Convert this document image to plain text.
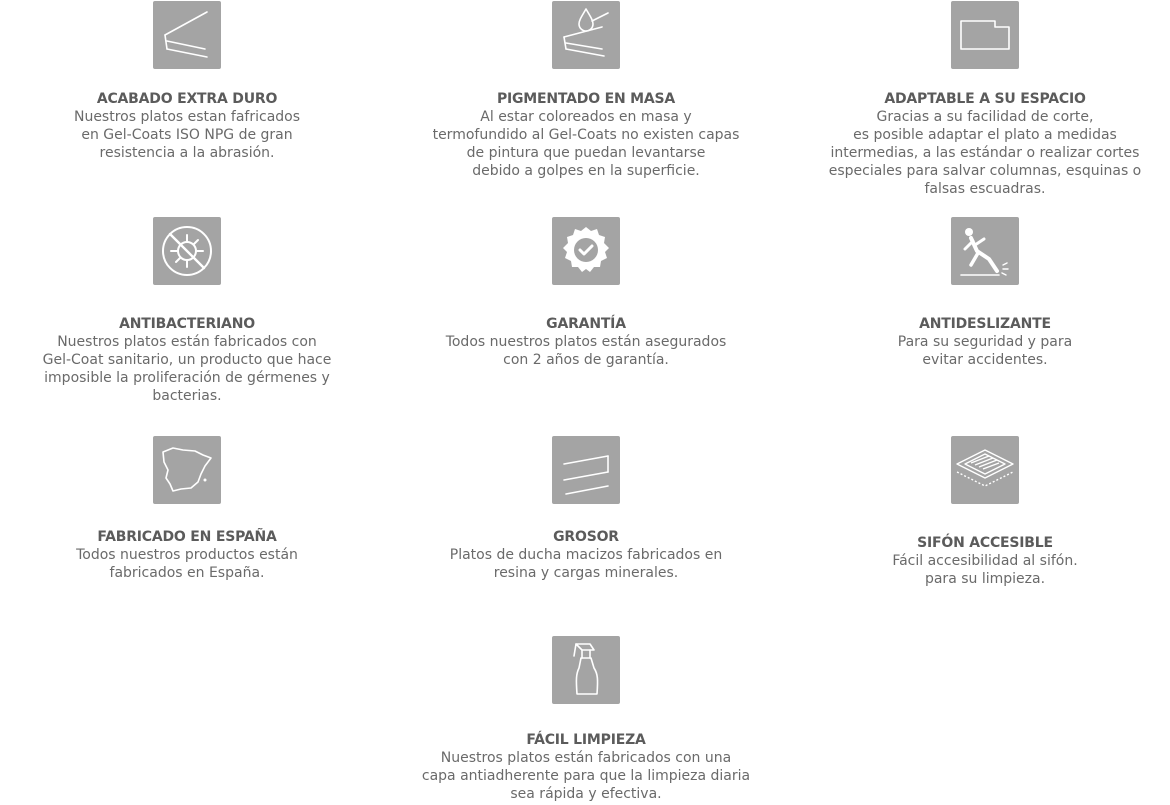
ACABADO EXTRA DURO

Nuestros platos estan fafricados
en Gel-Coats ISO NPG de gran
resistencia a la abrasión.

PIGMENTADO EN MASA

Al estar coloreados en masa y
termofundido al Gel-Coats no existen capas
de pintura que puedan levantarse
debido a golpes en la superficie.

ADAPTABLE A SU ESPACIO

Gracias a su facilidad de corte,
es posible adaptar el plato a medidas
intermedias, a las estándar o realizar cortes
especiales para salvar columnas, esquinas o
falsas escuadras.

ANTIBACTERIANO

Nuestros platos están fabricados con
Gel-Coat sanitario, un producto que hace
imposible la proliferación de gérmenes y
bacterias.

GARANTÍA

Todos nuestros platos están asegurados
con 2 años de garantía.

ANTIDESLIZANTE

Para su seguridad y para
evitar accidentes.

FABRICADO EN ESPAÑA

Todos nuestros productos están
fabricados en España.

GROSOR

Platos de ducha macizos fabricados en
resina y cargas minerales.

SIFÓN ACCESIBLE

Fácil accesibilidad al sifón.
para su limpieza.

FÁCIL LIMPIEZA

Nuestros platos están fabricados con una
capa antiadherente para que la limpieza diaria
sea rápida y efectiva.
